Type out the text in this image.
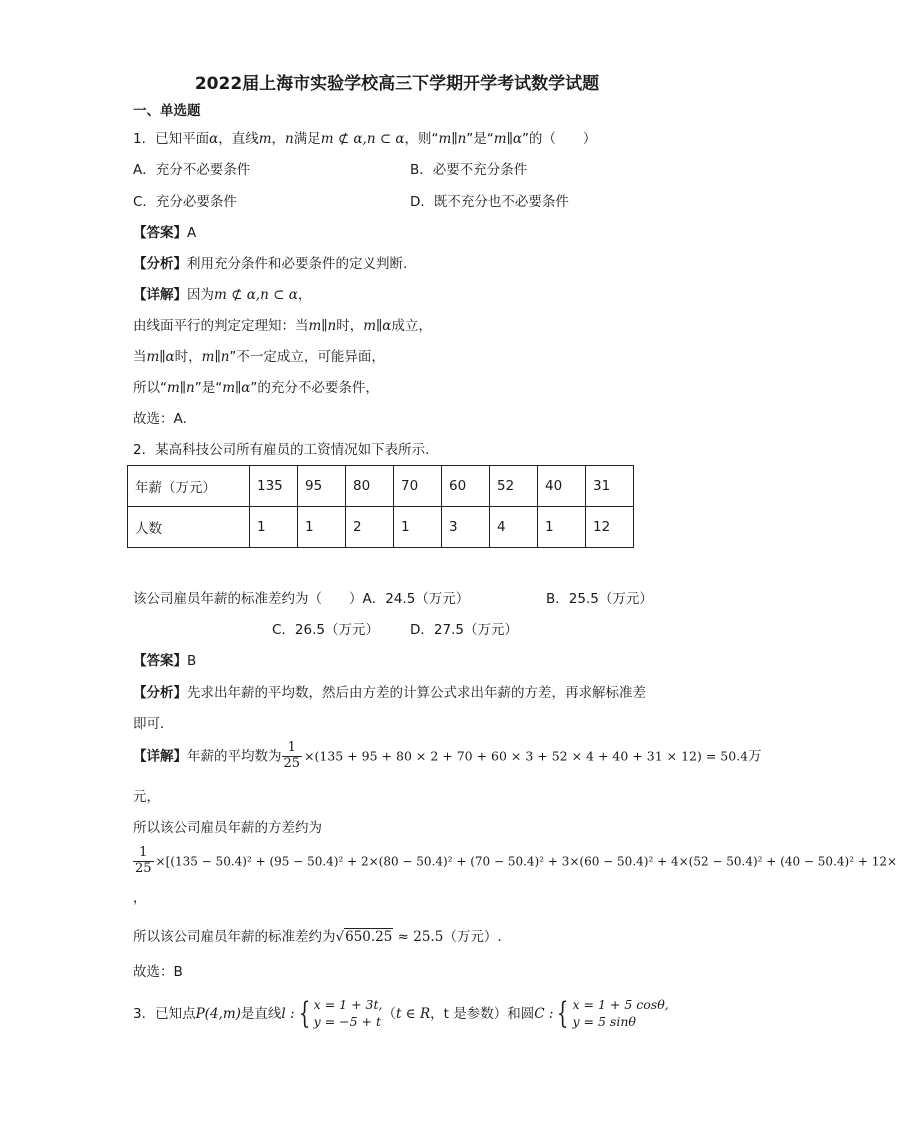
2022届上海市实验学校高三下学期开学考试数学试题
一、单选题
1．已知平面α，直线m，n满足m ⊄ α,n ⊂ α，则“m∥n”是“m∥α”的（　　）
A．充分不必要条件	B．必要不充分条件
C．充分必要条件	D．既不充分也不必要条件
【答案】A
【分析】利用充分条件和必要条件的定义判断.
【详解】因为m ⊄ α,n ⊂ α，
由线面平行的判定定理知：当m∥n时，m∥α成立，
当m∥α时，m∥n”不一定成立，可能异面，
所以“m∥n”是“m∥α”的充分不必要条件，
故选：A.
2．某高科技公司所有雇员的工资情况如下表所示．
年薪（万元）	135	95	80	70	60	52	40	31
人数	1	1	2	1	3	4	1	12
该公司雇员年薪的标准差约为（　　）A．24.5（万元）	B．25.5（万元）
C．26.5（万元） D．27.5（万元）
【答案】B
【分析】先求出年薪的平均数，然后由方差的计算公式求出年薪的方差，再求解标准差
即可．
【详解】年薪的平均数为 $\frac{1}{25} \times(135 + 95 + 80 \times 2 + 70 + 60 \times 3 + 52 \times 4 + 40 + 31 \times 12) = 50.4$万
元，
所以该公司雇员年薪的方差约为
$\frac{1}{25} \times[(135 - 50.4)^2 + (95 - 50.4)^2 + 2\times(80 - 50.4)^2 + (70 - 50.4)^2 + 3\times(60 - 50.4)^2 + 4\times(52 - 50.4)^2 + (40 - 50.4)^2 + 12\times$
，
所以该公司雇员年薪的标准差约为√650.25 ≈ 25.5（万元）.
故选：B
3．已知点P(4,m)是直线l : { x = 1 + 3t,
y = −5 + t （t ∈ R，t 是参数）和圆C : { x = 1 + 5 cosθ,
y = 5 sinθ
